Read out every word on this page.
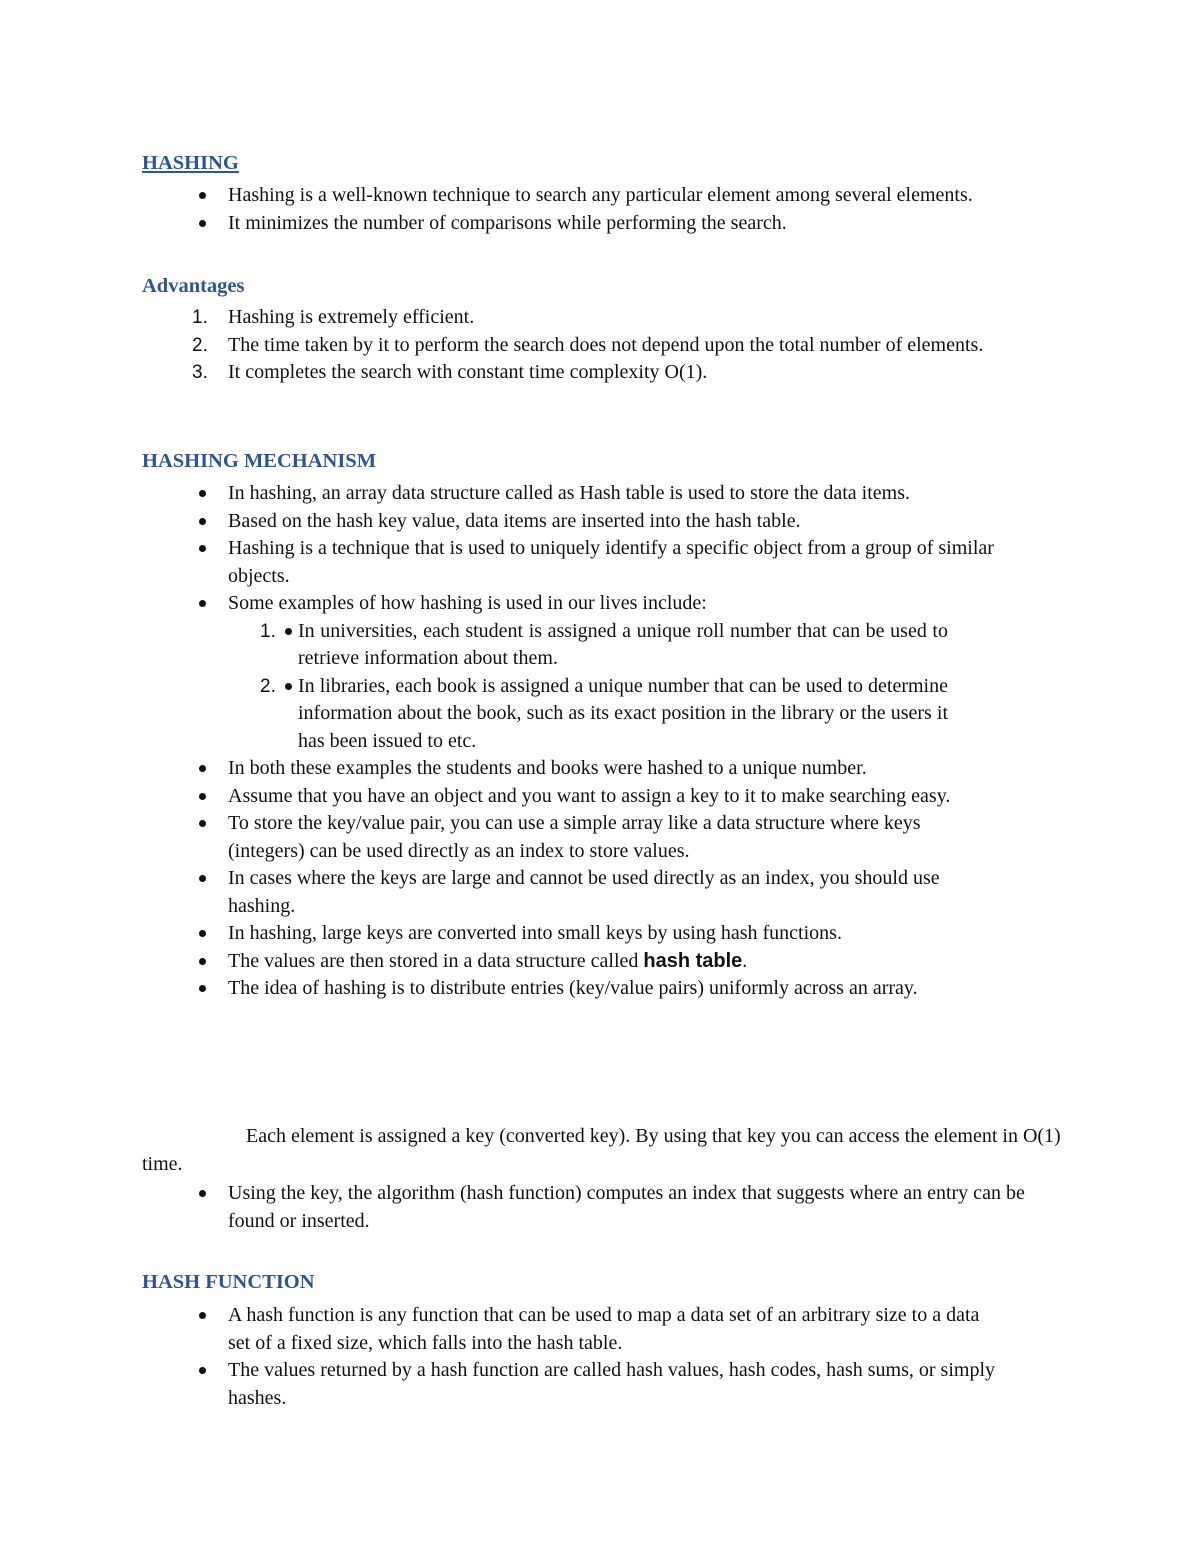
HASHING
Hashing is a well-known technique to search any particular element among several elements.
It minimizes the number of comparisons while performing the search.
Advantages
1. Hashing is extremely efficient.
2. The time taken by it to perform the search does not depend upon the total number of elements.
3. It completes the search with constant time complexity O(1).
HASHING MECHANISM
In hashing, an array data structure called as Hash table is used to store the data items.
Based on the hash key value, data items are inserted into the hash table.
Hashing is a technique that is used to uniquely identify a specific object from a group of similar objects.
Some examples of how hashing is used in our lives include:
1. In universities, each student is assigned a unique roll number that can be used to retrieve information about them.
2. In libraries, each book is assigned a unique number that can be used to determine information about the book, such as its exact position in the library or the users it has been issued to etc.
In both these examples the students and books were hashed to a unique number.
Assume that you have an object and you want to assign a key to it to make searching easy.
To store the key/value pair, you can use a simple array like a data structure where keys (integers) can be used directly as an index to store values.
In cases where the keys are large and cannot be used directly as an index, you should use hashing.
In hashing, large keys are converted into small keys by using hash functions.
The values are then stored in a data structure called hash table.
The idea of hashing is to distribute entries (key/value pairs) uniformly across an array.

Each element is assigned a key (converted key). By using that key you can access the element in O(1) time.

Using the key, the algorithm (hash function) computes an index that suggests where an entry can be found or inserted.
HASH FUNCTION
A hash function is any function that can be used to map a data set of an arbitrary size to a data set of a fixed size, which falls into the hash table.
The values returned by a hash function are called hash values, hash codes, hash sums, or simply hashes.
